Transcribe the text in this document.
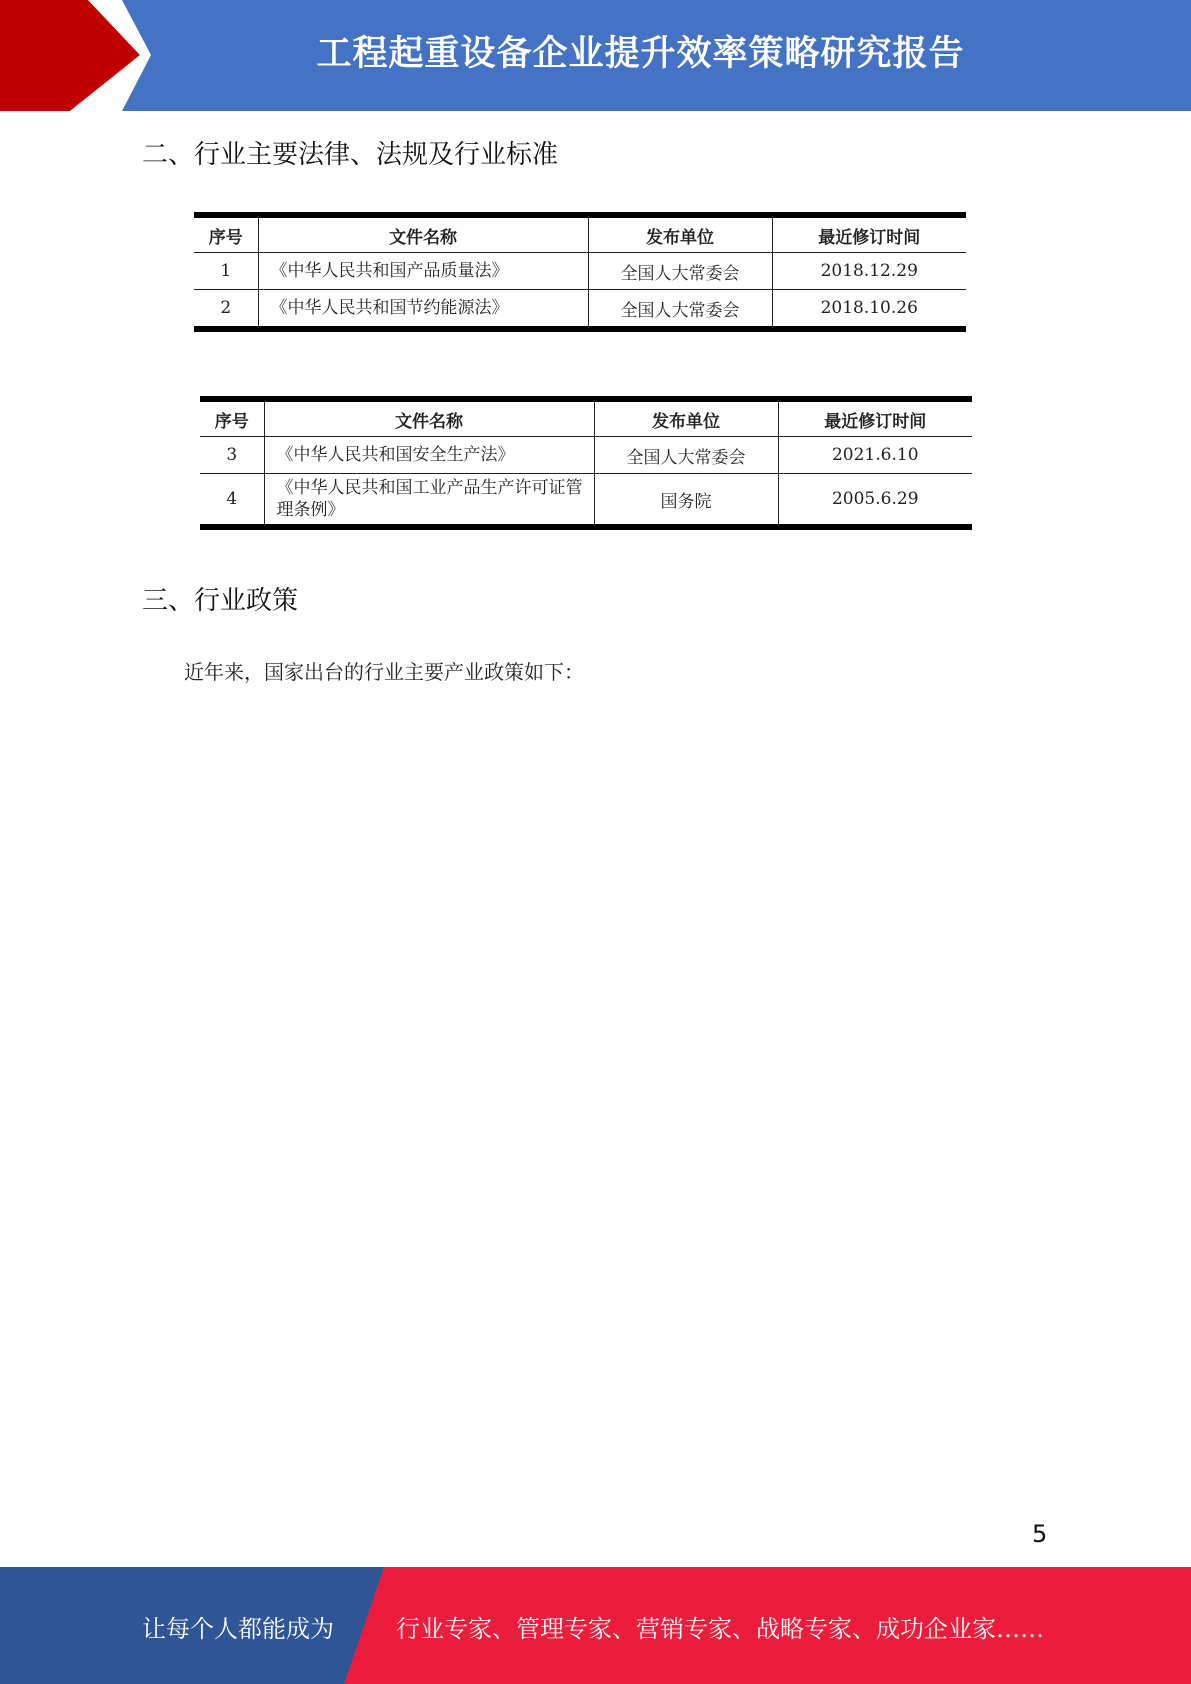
工程起重设备企业提升效率策略研究报告
二、行业主要法律、法规及行业标准
序号	文件名称	发布单位	最近修订时间
1	《中华人民共和国产品质量法》	全国人大常委会	2018.12.29
2	《中华人民共和国节约能源法》	全国人大常委会	2018.10.26
序号	文件名称	发布单位	最近修订时间
3	《中华人民共和国安全生产法》	全国人大常委会	2021.6.10
4	《中华人民共和国工业产品生产许可证管理条例》	国务院	2005.6.29
三、行业政策
近年来，国家出台的行业主要产业政策如下：
5
让每个人都能成为	行业专家、管理专家、营销专家、战略专家、成功企业家……
